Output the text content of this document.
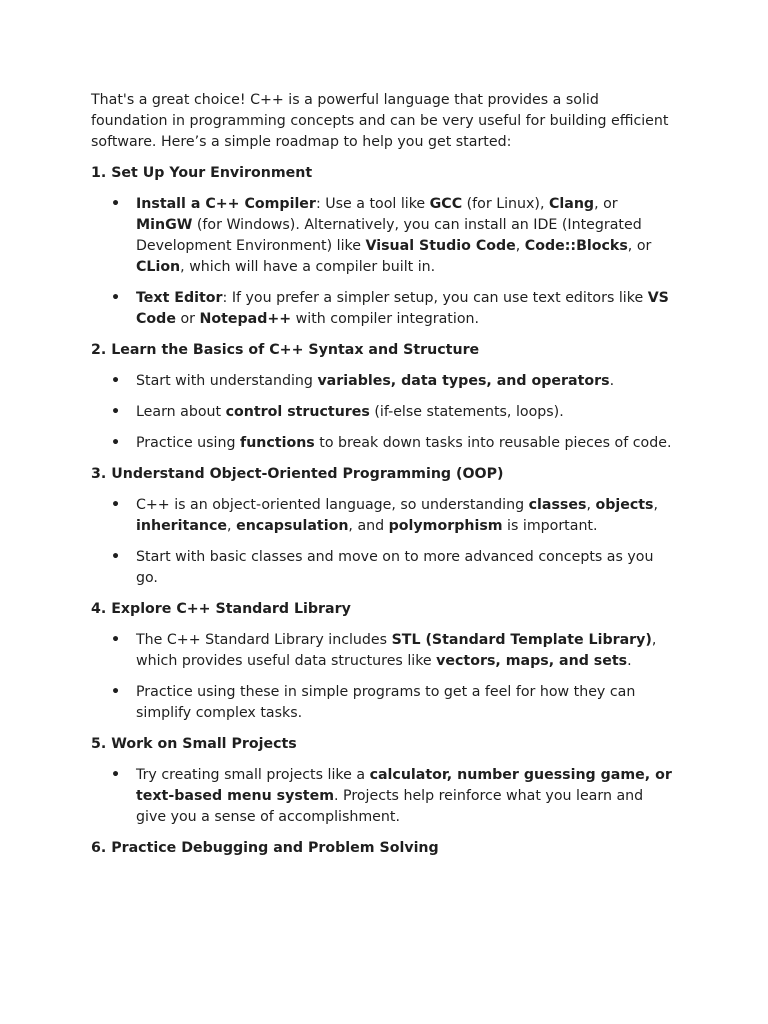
That's a great choice! C++ is a powerful language that provides a solid foundation in programming concepts and can be very useful for building efficient software. Here’s a simple roadmap to help you get started:

1. Set Up Your Environment
• Install a C++ Compiler: Use a tool like GCC (for Linux), Clang, or MinGW (for Windows). Alternatively, you can install an IDE (Integrated Development Environment) like Visual Studio Code, Code::Blocks, or CLion, which will have a compiler built in.
• Text Editor: If you prefer a simpler setup, you can use text editors like VS Code or Notepad++ with compiler integration.
2. Learn the Basics of C++ Syntax and Structure
• Start with understanding variables, data types, and operators.
• Learn about control structures (if-else statements, loops).
• Practice using functions to break down tasks into reusable pieces of code.
3. Understand Object-Oriented Programming (OOP)
• C++ is an object-oriented language, so understanding classes, objects, inheritance, encapsulation, and polymorphism is important.
• Start with basic classes and move on to more advanced concepts as you go.
4. Explore C++ Standard Library
• The C++ Standard Library includes STL (Standard Template Library), which provides useful data structures like vectors, maps, and sets.
• Practice using these in simple programs to get a feel for how they can simplify complex tasks.
5. Work on Small Projects
• Try creating small projects like a calculator, number guessing game, or text-based menu system. Projects help reinforce what you learn and give you a sense of accomplishment.
6. Practice Debugging and Problem Solving
